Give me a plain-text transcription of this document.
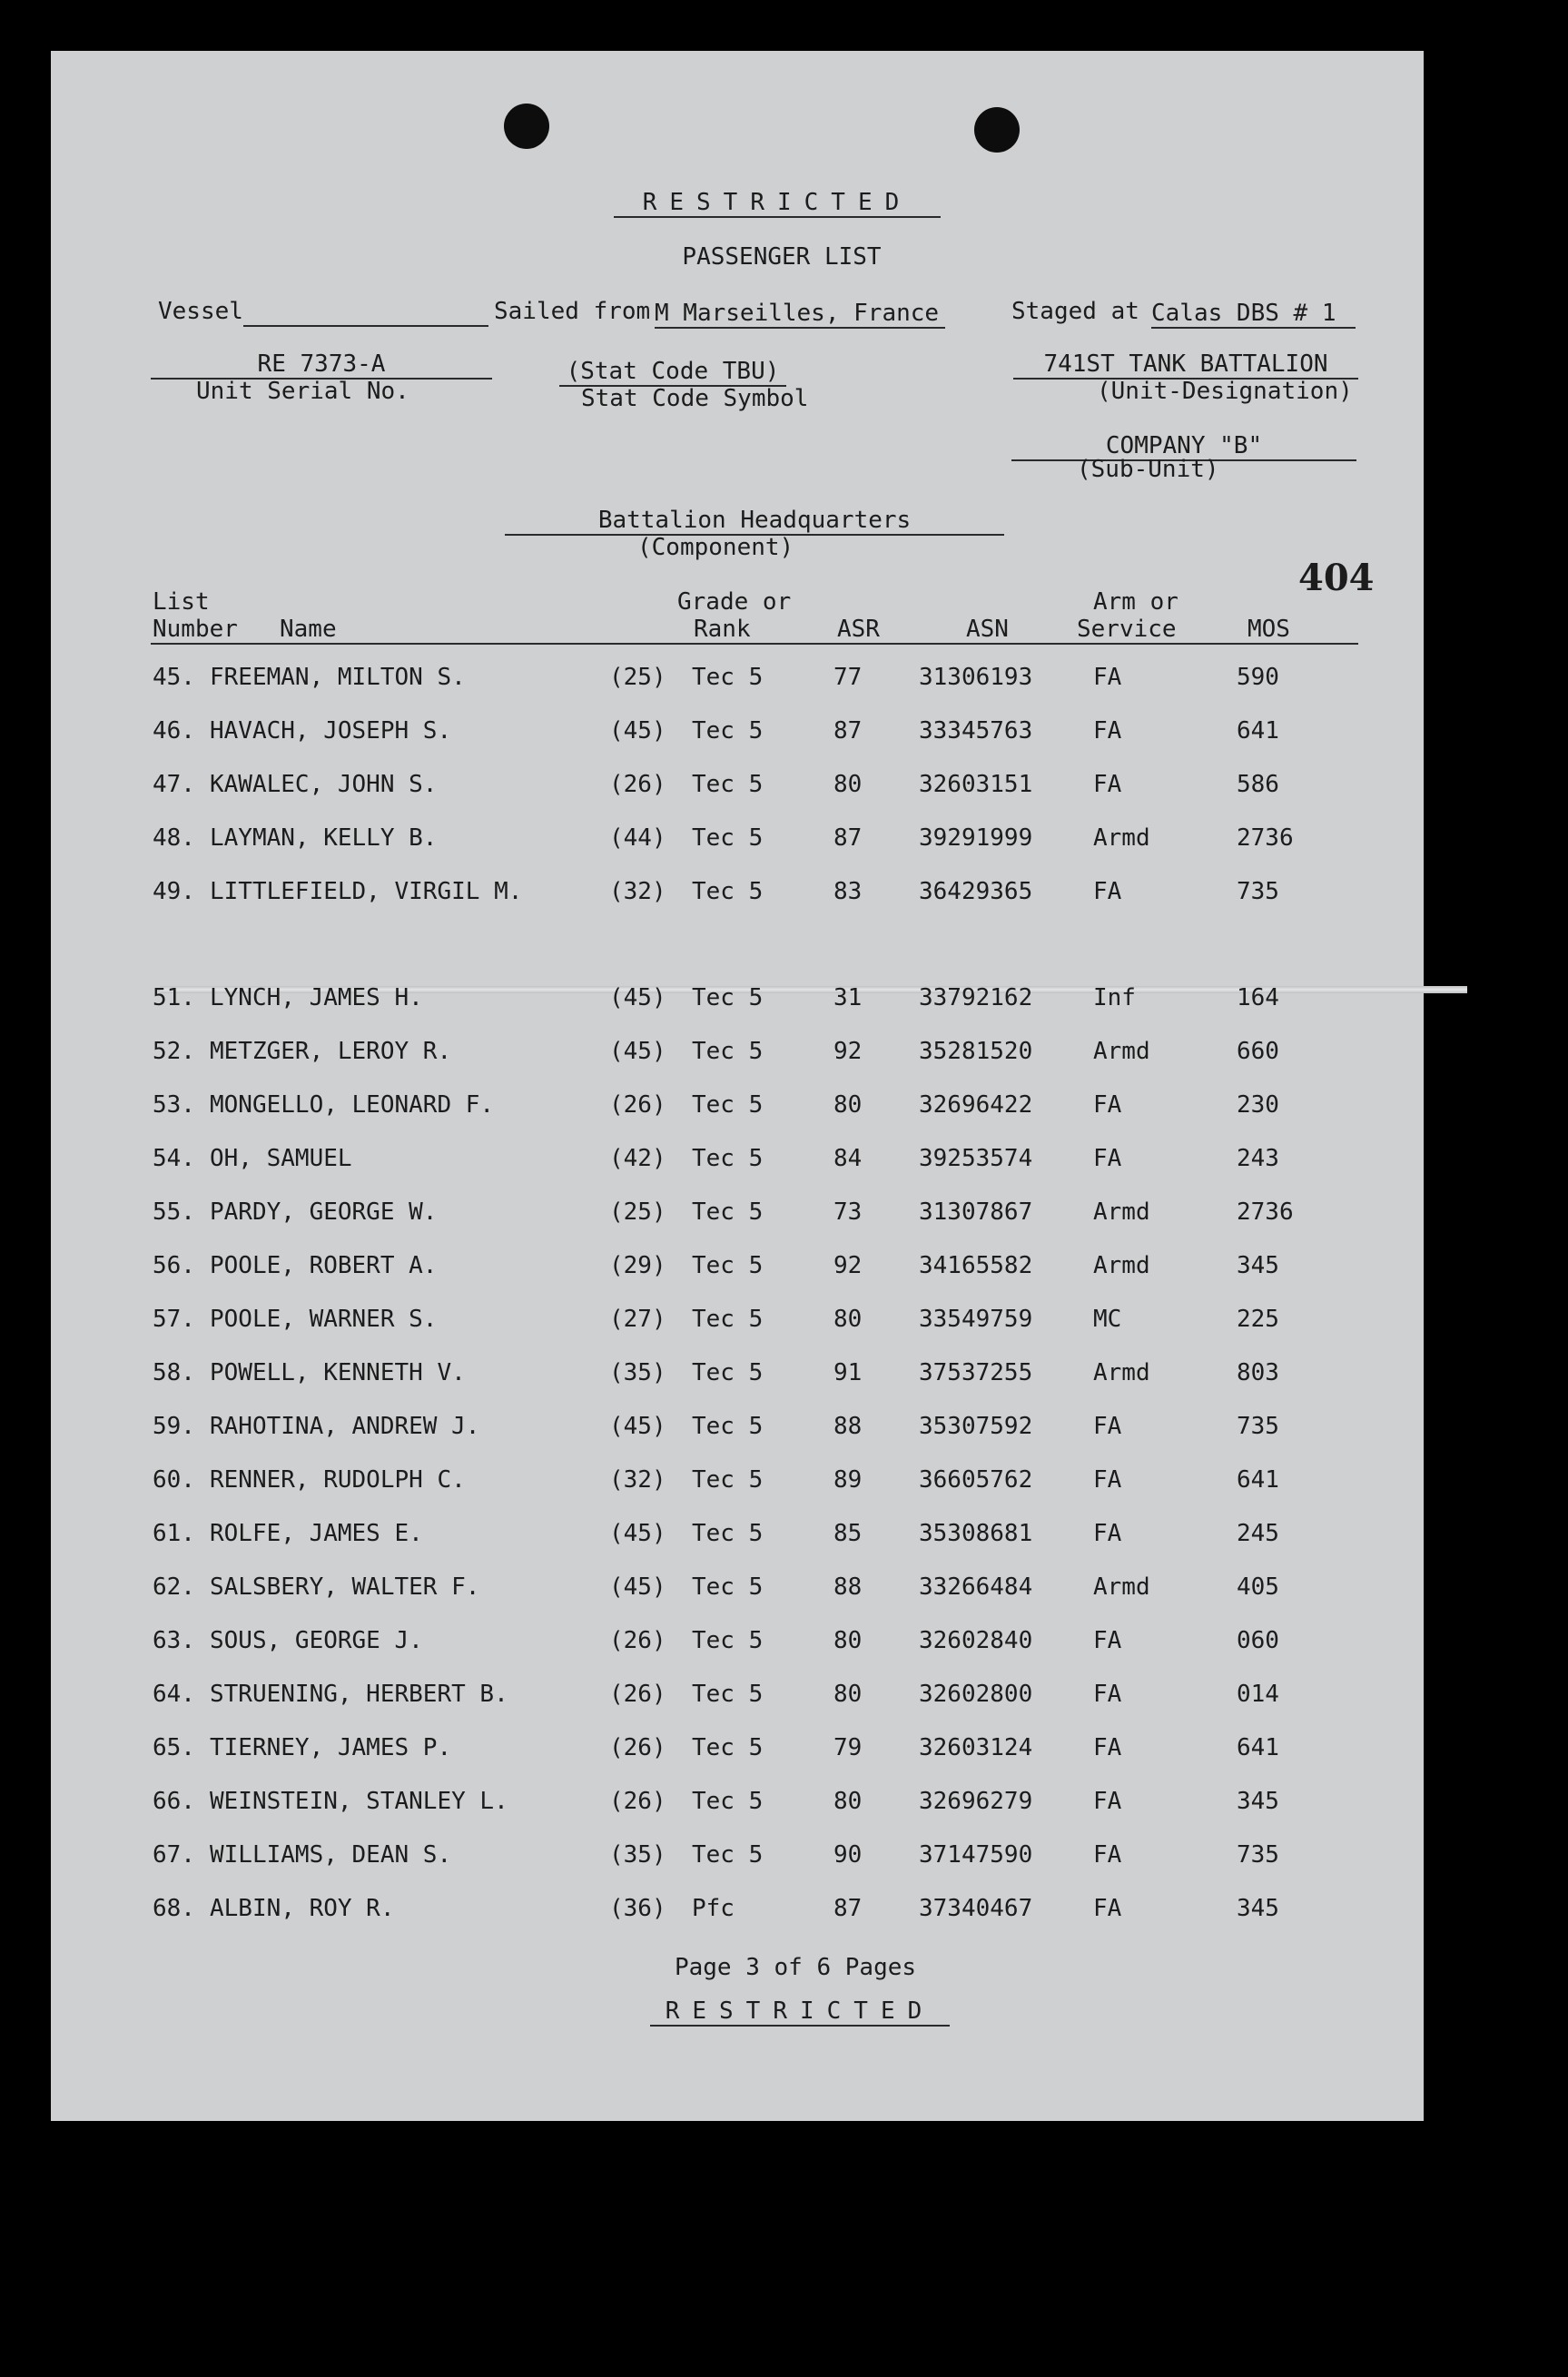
RESTRICTED
PASSENGER LIST
Vessel	Sailed from M Marseilles, France	Staged at Calas DBS # 1
RE 7373-A
Unit Serial No.
(Stat Code TBU)
Stat Code Symbol
741ST TANK BATTALION
(Unit-Designation)
COMPANY "B"
(Sub-Unit)
Battalion Headquarters
(Component)
404
List
Number Name
Grade or
Rank	ASR	ASN
Arm or
Service	MOS
45. FREEMAN, MILTON S.	(25) Tec 5	77 31306193	FA	590
46. HAVACH, JOSEPH S.	(45) Tec 5	87 33345763	FA	641
47. KAWALEC, JOHN S.	(26) Tec 5	80 32603151	FA	586
48. LAYMAN, KELLY B.	(44) Tec 5	87 39291999	Armd	2736
49. LITTLEFIELD, VIRGIL M.	(32) Tec 5	83 36429365	FA	735
51. LYNCH, JAMES H.	(45) Tec 5	31 33792162	Inf	164
52. METZGER, LEROY R.	(45) Tec 5	92 35281520	Armd	660
53. MONGELLO, LEONARD F.	(26) Tec 5	80 32696422	FA	230
54. OH, SAMUEL	(42) Tec 5	84 39253574	FA	243
55. PARDY, GEORGE W.	(25) Tec 5	73 31307867	Armd	2736
56. POOLE, ROBERT A.	(29) Tec 5	92 34165582	Armd	345
57. POOLE, WARNER S.	(27) Tec 5	80 33549759	MC	225
58. POWELL, KENNETH V.	(35) Tec 5	91 37537255	Armd	803
59. RAHOTINA, ANDREW J.	(45) Tec 5	88 35307592	FA	735
60. RENNER, RUDOLPH C.	(32) Tec 5	89 36605762	FA	641
61. ROLFE, JAMES E.	(45) Tec 5	85 35308681	FA	245
62. SALSBERY, WALTER F.	(45) Tec 5	88 33266484	Armd	405
63. SOUS, GEORGE J.	(26) Tec 5	80 32602840	FA	060
64. STRUENING, HERBERT B.	(26) Tec 5	80 32602800	FA	014
65. TIERNEY, JAMES P.	(26) Tec 5	79 32603124	FA	641
66. WEINSTEIN, STANLEY L.	(26) Tec 5	80 32696279	FA	345
67. WILLIAMS, DEAN S.	(35) Tec 5	90 37147590	FA	735
68. ALBIN, ROY R.	(36) Pfc	87 37340467	FA	345
Page 3 of 6 Pages
RESTRICTED
